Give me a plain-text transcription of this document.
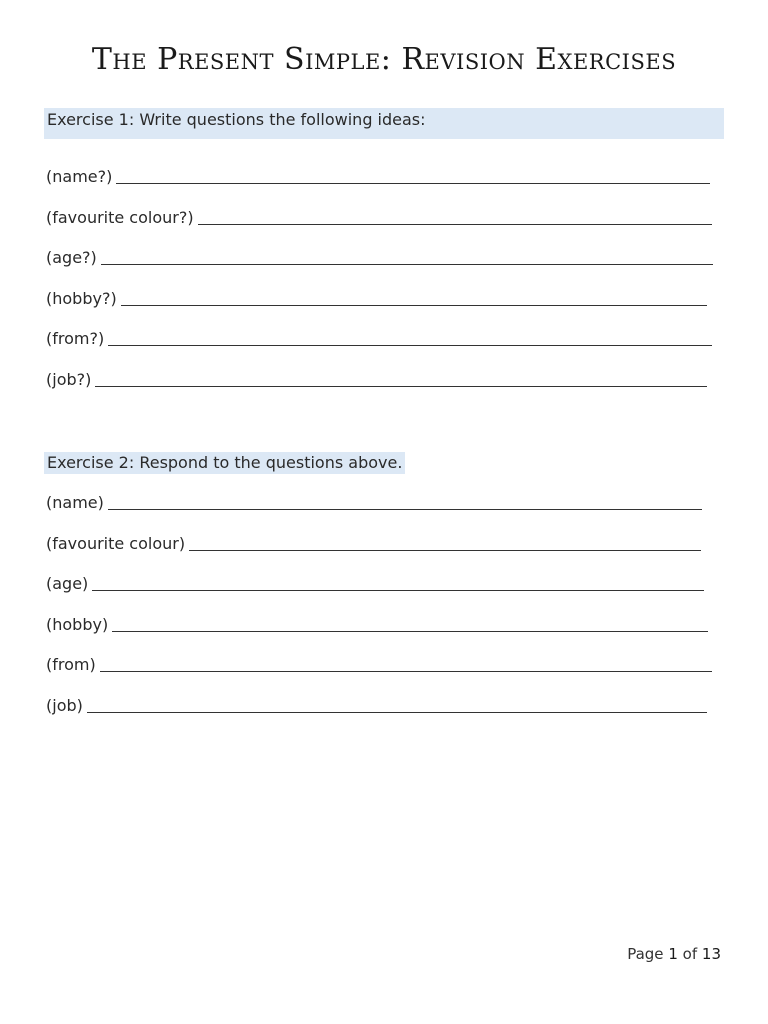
The Present Simple: Revision Exercises
Exercise 1: Write questions the following ideas:
(name?)
(favourite colour?)
(age?)
(hobby?)
(from?)
(job?)
Exercise 2: Respond to the questions above.
(name)
(favourite colour)
(age)
(hobby)
(from)
(job)
Page 1 of 13
